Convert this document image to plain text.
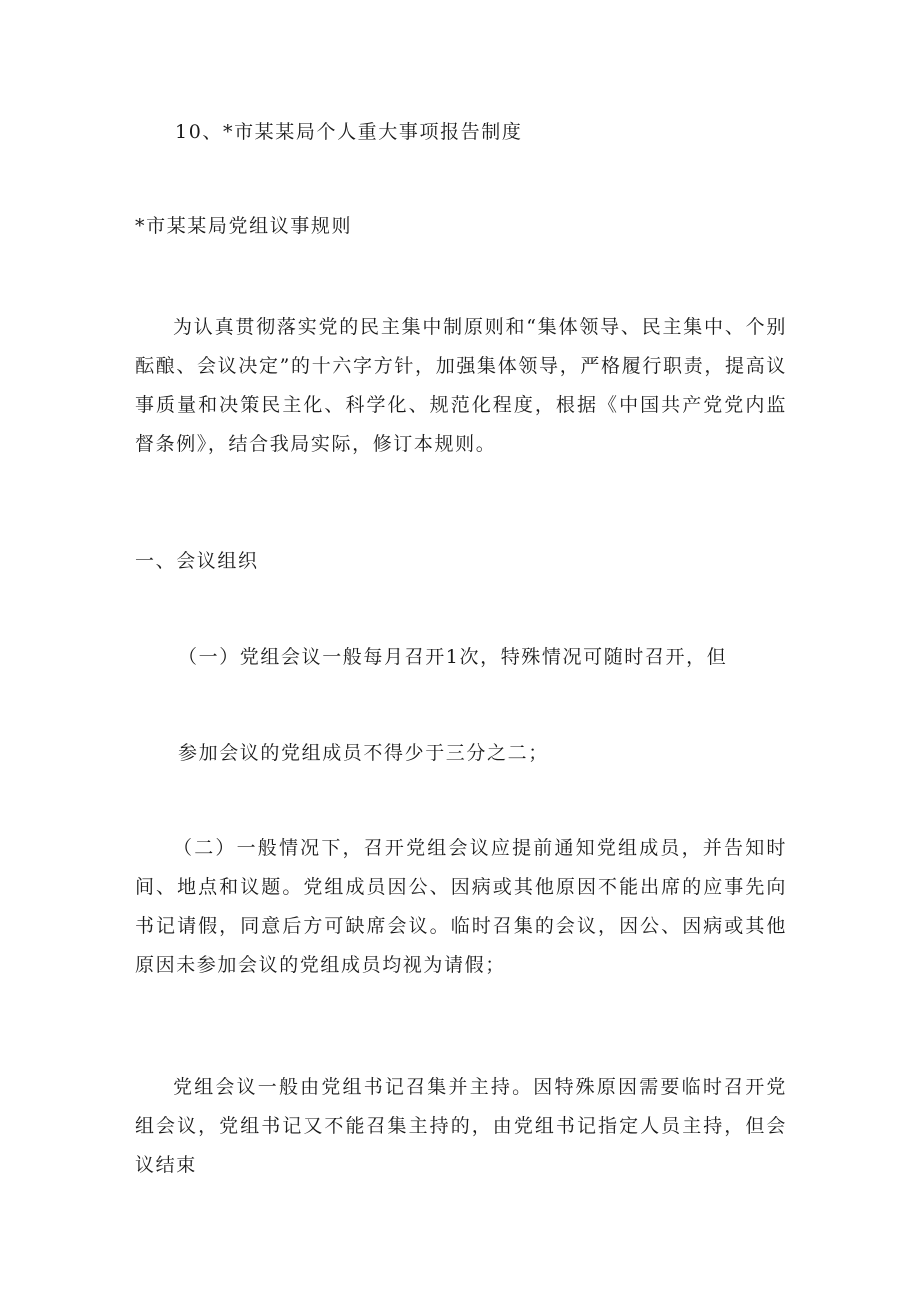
10、*市某某局个人重大事项报告制度

*市某某局党组议事规则

为认真贯彻落实党的民主集中制原则和“集体领导、民主集中、个别酝酿、会议决定”的十六字方针，加强集体领导，严格履行职责，提高议事质量和决策民主化、科学化、规范化程度，根据《中国共产党党内监督条例》，结合我局实际，修订本规则。

一、会议组织

（一）党组会议一般每月召开1次，特殊情况可随时召开，但

参加会议的党组成员不得少于三分之二；

（二）一般情况下，召开党组会议应提前通知党组成员，并告知时间、地点和议题。党组成员因公、因病或其他原因不能出席的应事先向书记请假，同意后方可缺席会议。临时召集的会议，因公、因病或其他原因未参加会议的党组成员均视为请假；

党组会议一般由党组书记召集并主持。因特殊原因需要临时召开党组会议，党组书记又不能召集主持的，由党组书记指定人员主持，但会议结束
